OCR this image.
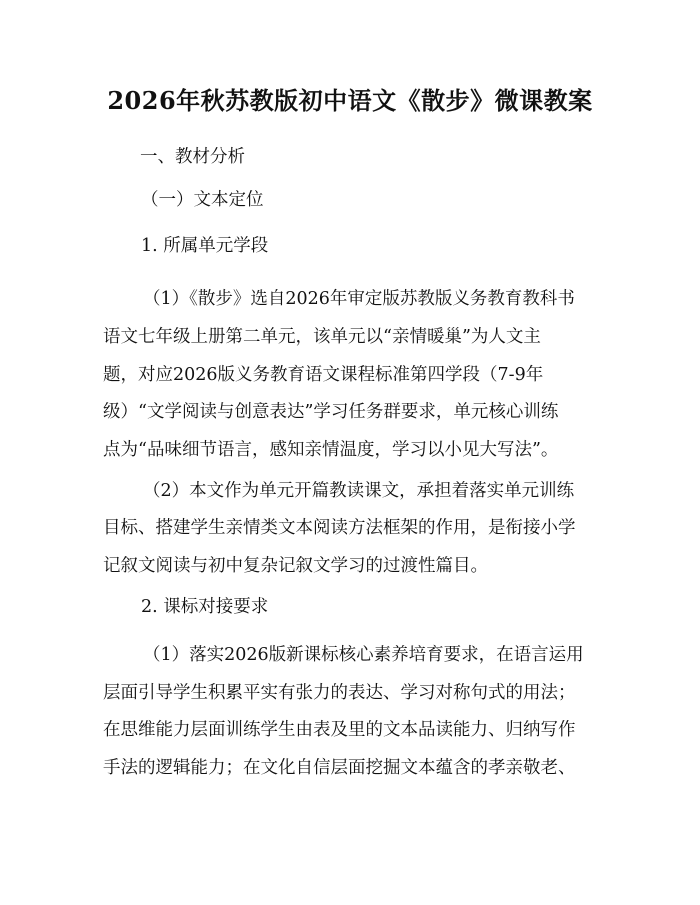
2026年秋苏教版初中语文《散步》微课教案
一、教材分析
（一）文本定位
1. 所属单元学段
（1）《散步》选自2026年审定版苏教版义务教育教科书
语文七年级上册第二单元，该单元以“亲情暖巢”为人文主
题，对应2026版义务教育语文课程标准第四学段（7-9年
级）“文学阅读与创意表达”学习任务群要求，单元核心训练
点为“品味细节语言，感知亲情温度，学习以小见大写法”。
（2）本文作为单元开篇教读课文，承担着落实单元训练
目标、搭建学生亲情类文本阅读方法框架的作用，是衔接小学
记叙文阅读与初中复杂记叙文学习的过渡性篇目。
2. 课标对接要求
（1）落实2026版新课标核心素养培育要求，在语言运用
层面引导学生积累平实有张力的表达、学习对称句式的用法；
在思维能力层面训练学生由表及里的文本品读能力、归纳写作
手法的逻辑能力；在文化自信层面挖掘文本蕴含的孝亲敬老、
